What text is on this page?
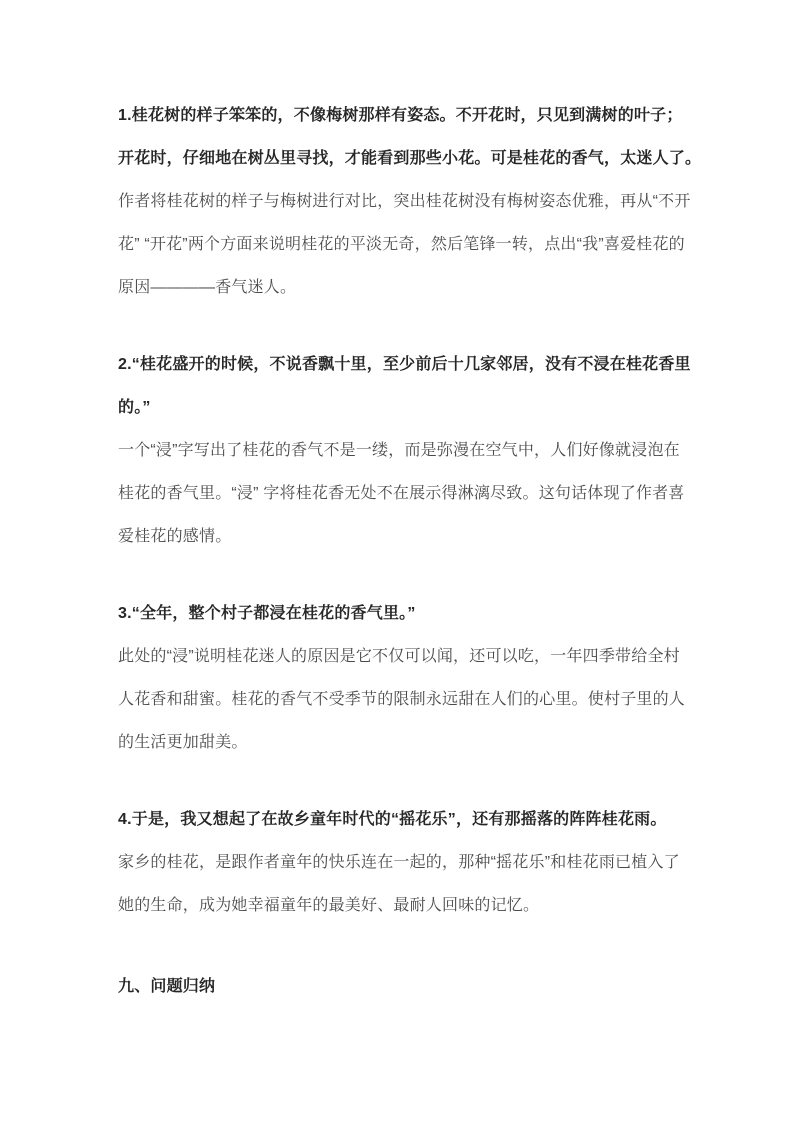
1.桂花树的样子笨笨的，不像梅树那样有姿态。不开花时，只见到满树的叶子；
开花时，仔细地在树丛里寻找，才能看到那些小花。可是桂花的香气，太迷人了。
作者将桂花树的样子与梅树进行对比，突出桂花树没有梅树姿态优雅，再从“不开
花” “开花”两个方面来说明桂花的平淡无奇，然后笔锋一转，点出“我”喜爱桂花的
原因————香气迷人。
2.“桂花盛开的时候，不说香飘十里，至少前后十几家邻居，没有不浸在桂花香里
的。”
一个“浸”字写出了桂花的香气不是一缕，而是弥漫在空气中，人们好像就浸泡在
桂花的香气里。“浸” 字将桂花香无处不在展示得淋漓尽致。这句话体现了作者喜
爱桂花的感情。
3.“全年，整个村子都浸在桂花的香气里。”
此处的“浸”说明桂花迷人的原因是它不仅可以闻，还可以吃，一年四季带给全村
人花香和甜蜜。桂花的香气不受季节的限制永远甜在人们的心里。使村子里的人
的生活更加甜美。
4.于是，我又想起了在故乡童年时代的“摇花乐”，还有那摇落的阵阵桂花雨。
家乡的桂花，是跟作者童年的快乐连在一起的，那种“摇花乐”和桂花雨已植入了
她的生命，成为她幸福童年的最美好、最耐人回味的记忆。
九、问题归纳
